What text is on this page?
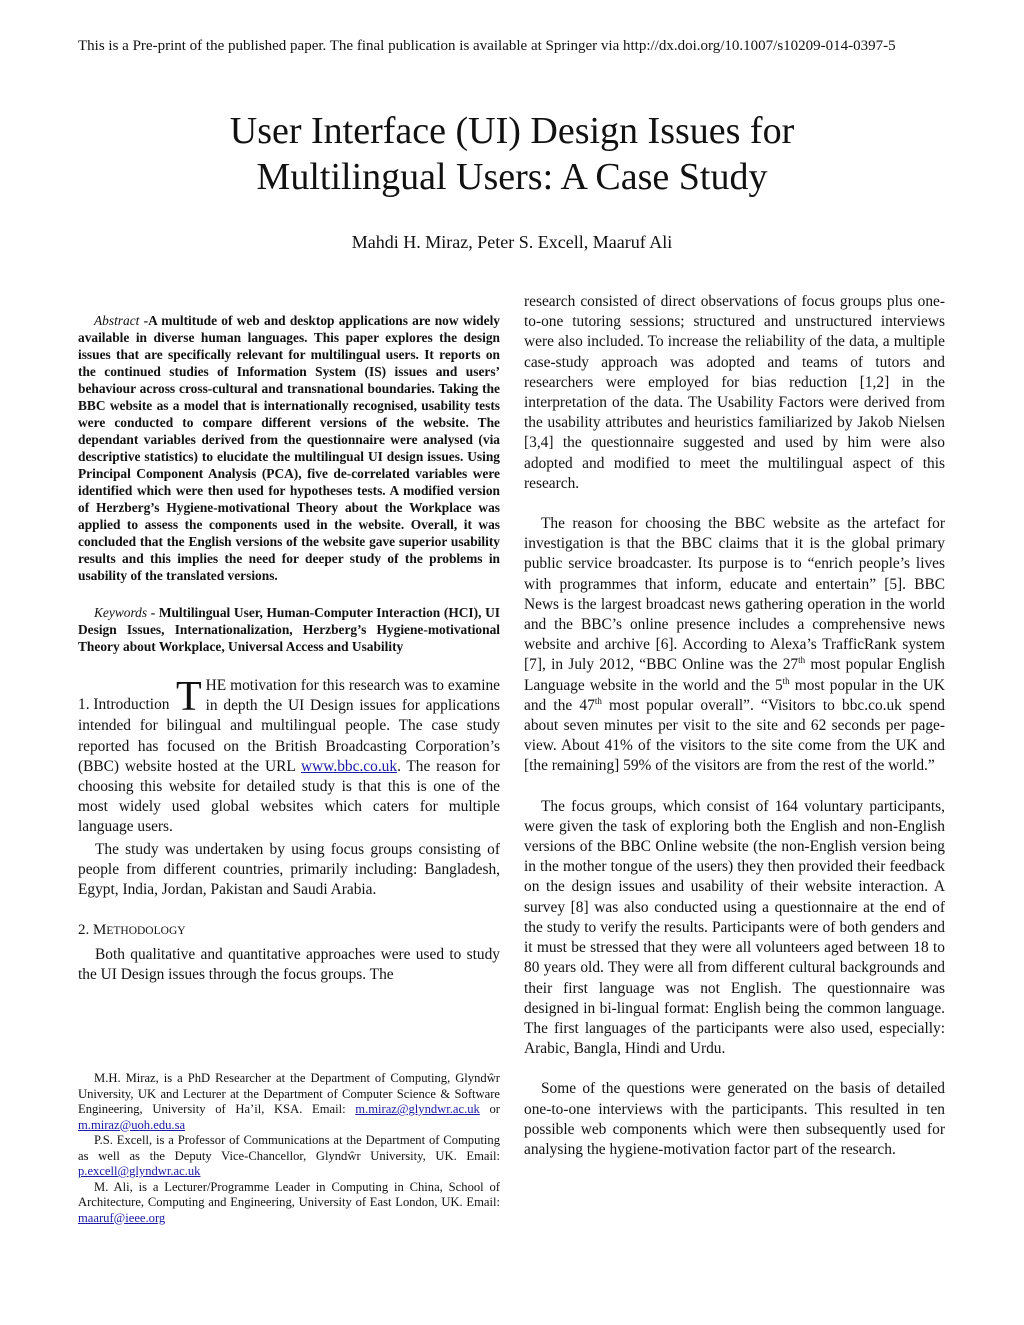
This is a Pre-print of the published paper. The final publication is available at Springer via http://dx.doi.org/10.1007/s10209-014-0397-5
User Interface (UI) Design Issues for
Multilingual Users: A Case Study
Mahdi H. Miraz, Peter S. Excell, Maaruf Ali

Abstract -A multitude of web and desktop applications are now widely available in diverse human languages. This paper explores the design issues that are specifically relevant for multilingual users. It reports on the continued studies of Information System (IS) issues and users’ behaviour across cross-cultural and transnational boundaries. Taking the BBC website as a model that is internationally recognised, usability tests were conducted to compare different versions of the website. The dependant variables derived from the questionnaire were analysed (via descriptive statistics) to elucidate the multilingual UI design issues. Using Principal Component Analysis (PCA), five de-correlated variables were identified which were then used for hypotheses tests. A modified version of Herzberg’s Hygiene-motivational Theory about the Workplace was applied to assess the components used in the website. Overall, it was concluded that the English versions of the website gave superior usability results and this implies the need for deeper study of the problems in usability of the translated versions.

Keywords - Multilingual User, Human-Computer Interaction (HCI), UI Design Issues, Internationalization, Herzberg’s Hygiene-motivational Theory about Workplace, Universal Access and Usability

1. Introduction THE motivation for this research was to examine in depth the UI Design issues for applications intended for bilingual and multilingual people. The case study reported has focused on the British Broadcasting Corporation’s (BBC) website hosted at the URL www.bbc.co.uk. The reason for choosing this website for detailed study is that this is one of the most widely used global websites which caters for multiple language users.

The study was undertaken by using focus groups consisting of people from different countries, primarily including: Bangladesh, Egypt, India, Jordan, Pakistan and Saudi Arabia.

2. METHODOLOGY

Both qualitative and quantitative approaches were used to study the UI Design issues through the focus groups. The

M.H. Miraz, is a PhD Researcher at the Department of Computing, Glyndŵr University, UK and Lecturer at the Department of Computer Science & Software Engineering, University of Ha’il, KSA. Email: m.miraz@glyndwr.ac.uk or m.miraz@uoh.edu.sa

P.S. Excell, is a Professor of Communications at the Department of Computing as well as the Deputy Vice-Chancellor, Glyndŵr University, UK. Email: p.excell@glyndwr.ac.uk

M. Ali, is a Lecturer/Programme Leader in Computing in China, School of Architecture, Computing and Engineering, University of East London, UK. Email: maaruf@ieee.org

research consisted of direct observations of focus groups plus one-to-one tutoring sessions; structured and unstructured interviews were also included. To increase the reliability of the data, a multiple case-study approach was adopted and teams of tutors and researchers were employed for bias reduction [1,2] in the interpretation of the data. The Usability Factors were derived from the usability attributes and heuristics familiarized by Jakob Nielsen [3,4] the questionnaire suggested and used by him were also adopted and modified to meet the multilingual aspect of this research.

The reason for choosing the BBC website as the artefact for investigation is that the BBC claims that it is the global primary public service broadcaster. Its purpose is to “enrich people’s lives with programmes that inform, educate and entertain” [5]. BBC News is the largest broadcast news gathering operation in the world and the BBC’s online presence includes a comprehensive news website and archive [6]. According to Alexa’s TrafficRank system [7], in July 2012, “BBC Online was the 27th most popular English Language website in the world and the 5th most popular in the UK and the 47th most popular overall”. “Visitors to bbc.co.uk spend about seven minutes per visit to the site and 62 seconds per page-view. About 41% of the visitors to the site come from the UK and [the remaining] 59% of the visitors are from the rest of the world.”

The focus groups, which consist of 164 voluntary participants, were given the task of exploring both the English and non-English versions of the BBC Online website (the non-English version being in the mother tongue of the users) they then provided their feedback on the design issues and usability of their website interaction. A survey [8] was also conducted using a questionnaire at the end of the study to verify the results. Participants were of both genders and it must be stressed that they were all volunteers aged between 18 to 80 years old. They were all from different cultural backgrounds and their first language was not English. The questionnaire was designed in bi-lingual format: English being the common language. The first languages of the participants were also used, especially: Arabic, Bangla, Hindi and Urdu.

Some of the questions were generated on the basis of detailed one-to-one interviews with the participants. This resulted in ten possible web components which were then subsequently used for analysing the hygiene-motivation factor part of the research.
